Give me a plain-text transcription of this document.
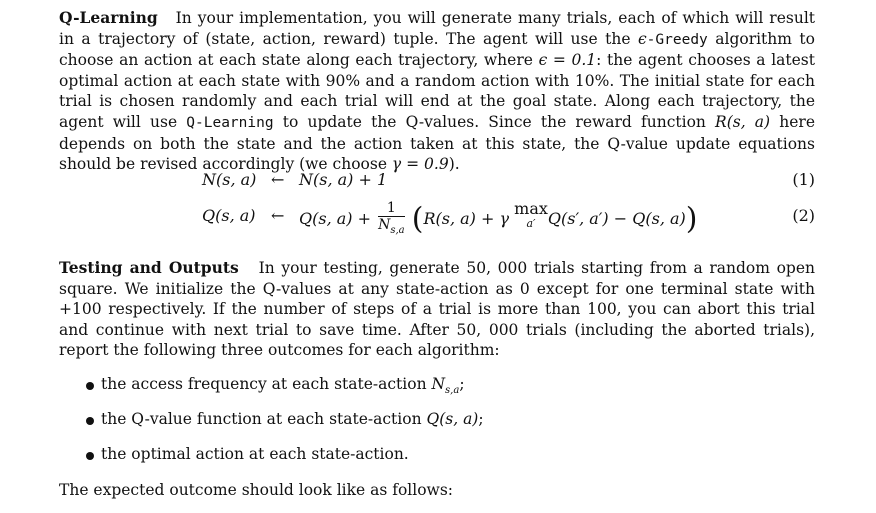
Q-Learning In your implementation, you will generate many trials, each of which will result in a trajectory of (state, action, reward) tuple. The agent will use the ϵ-Greedy algorithm to choose an action at each state along each trajectory, where ϵ = 0.1: the agent chooses a latest optimal action at each state with 90% and a random action with 10%. The initial state for each trial is chosen randomly and each trial will end at the goal state. Along each trajectory, the agent will use Q-Learning to update the Q-values. Since the reward function R(s, a) here depends on both the state and the action taken at this state, the Q-value update equations should be revised accordingly (we choose γ = 0.9).

N(s, a) ← N(s, a) + 1	(1)
Q(s, a) ← Q(s, $a) + \frac{1}{N_{s,a}} (R(s$, a) + γ
max
a′ Q(s′, a′) − Q(s, a))	(2)

Testing and Outputs In your testing, generate 50, 000 trials starting from a random open square. We initialize the Q-values at any state-action as 0 except for one terminal state with +100 respectively. If the number of steps of a trial is more than 100, you can abort this trial and continue with next trial to save time. After 50, 000 trials (including the aborted trials), report the following three outcomes for each algorithm:

the access frequency at each state-action $N_{s,a}$;
the Q-value function at each state-action Q(s, a);
the optimal action at each state-action.

The expected outcome should look like as follows:
